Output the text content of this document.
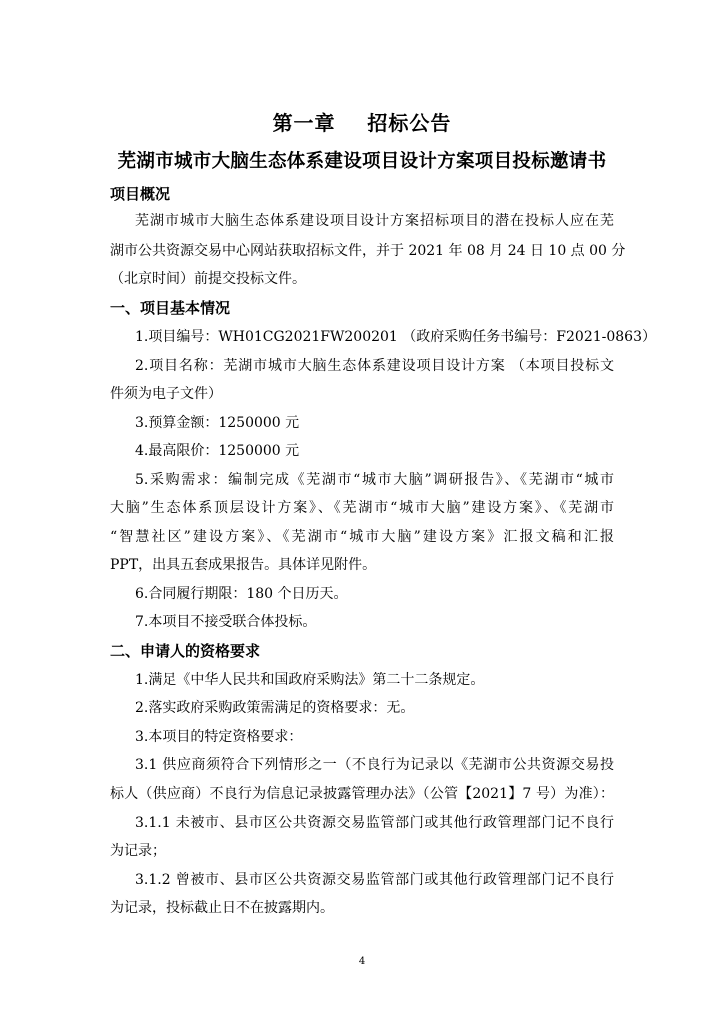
第一章    招标公告
芜湖市城市大脑生态体系建设项目设计方案项目投标邀请书
项目概况
芜湖市城市大脑生态体系建设项目设计方案招标项目的潜在投标人应在芜
湖市公共资源交易中心网站获取招标文件，并于 2021 年 08 月 24 日 10 点 00 分
（北京时间）前提交投标文件。
一、项目基本情况
1.项目编号：WH01CG2021FW200201 （政府采购任务书编号：F2021-0863）
2.项目名称：芜湖市城市大脑生态体系建设项目设计方案 （本项目投标文
件须为电子文件）
3.预算金额：1250000 元
4.最高限价：1250000 元
5.采购需求：编制完成《芜湖市“城市大脑”调研报告》、《芜湖市“城市
大脑”生态体系顶层设计方案》、《芜湖市“城市大脑”建设方案》、《芜湖市
“智慧社区”建设方案》、《芜湖市“城市大脑”建设方案》汇报文稿和汇报
PPT，出具五套成果报告。具体详见附件。
6.合同履行期限：180 个日历天。
7.本项目不接受联合体投标。
二、申请人的资格要求
1.满足《中华人民共和国政府采购法》第二十二条规定。
2.落实政府采购政策需满足的资格要求：无。
3.本项目的特定资格要求：
3.1 供应商须符合下列情形之一（不良行为记录以《芜湖市公共资源交易投
标人（供应商）不良行为信息记录披露管理办法》（公管【2021】7 号）为准）：
3.1.1 未被市、县市区公共资源交易监管部门或其他行政管理部门记不良行
为记录；
3.1.2 曾被市、县市区公共资源交易监管部门或其他行政管理部门记不良行
为记录，投标截止日不在披露期内。
4
